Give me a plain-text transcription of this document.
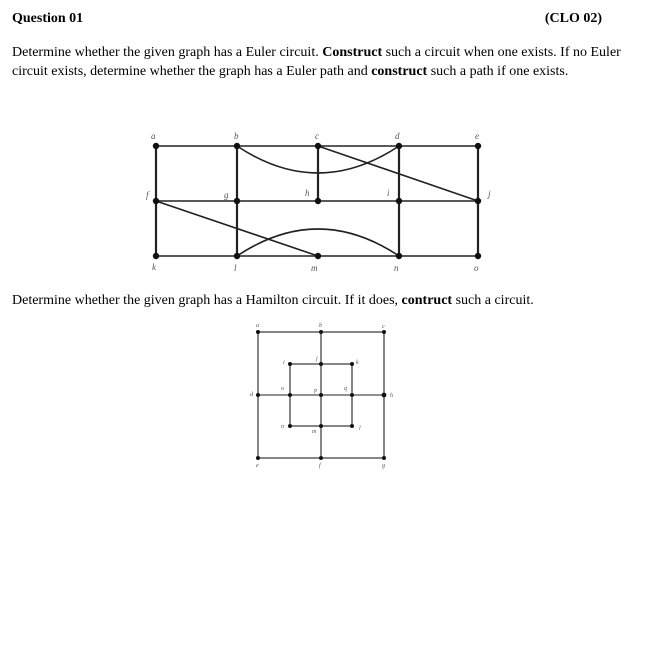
Question 01	(CLO 02)
Determine whether the given graph has a Euler circuit. Construct such a circuit when one exists. If no Euler circuit exists, determine whether the graph has a Euler path and construct such a path if one exists.
a	b	c	d	e
f	g	h	i	j
k	l	m	n	o
Determine whether the given graph has a Hamilton circuit. If it does, contruct such a circuit.
a	b	c
d	h
i
j
k
o	p	q
n
m	l
e	f	g
